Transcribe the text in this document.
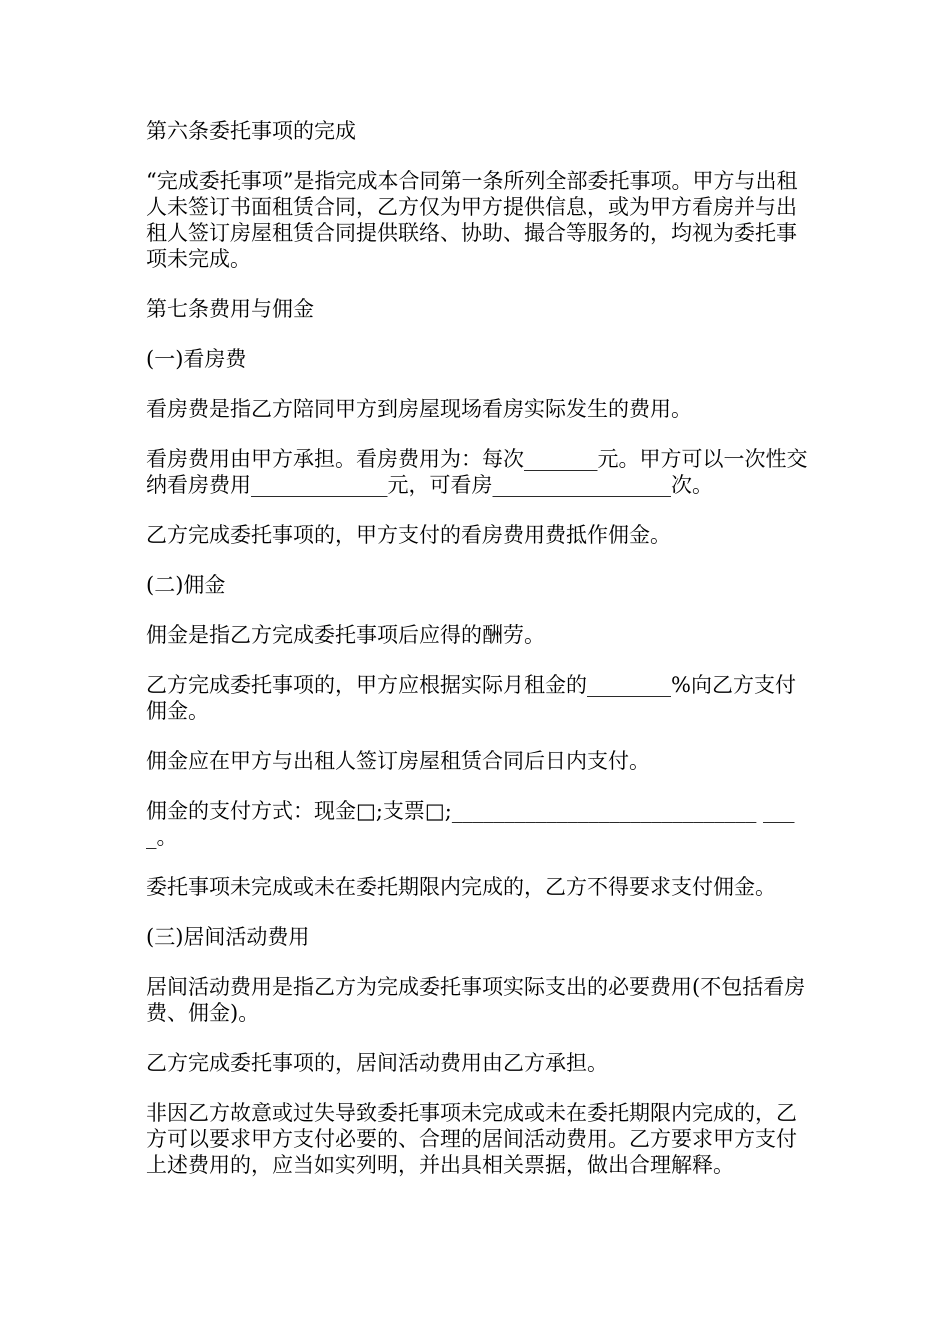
第六条委托事项的完成

“完成委托事项”是指完成本合同第一条所列全部委托事项。甲方与出租人未签订书面租赁合同，乙方仅为甲方提供信息，或为甲方看房并与出租人签订房屋租赁合同提供联络、协助、撮合等服务的，均视为委托事项未完成。

第七条费用与佣金

(一)看房费

看房费是指乙方陪同甲方到房屋现场看房实际发生的费用。

看房费用由甲方承担。看房费用为：每次_______元。甲方可以一次性交纳看房费用_____________元，可看房_________________次。

乙方完成委托事项的，甲方支付的看房费用费抵作佣金。

(二)佣金

佣金是指乙方完成委托事项后应得的酬劳。

乙方完成委托事项的，甲方应根据实际月租金的________%向乙方支付佣金。

佣金应在甲方与出租人签订房屋租赁合同后日内支付。

佣金的支付方式：现金□;支票□;_____________________________ ____。

委托事项未完成或未在委托期限内完成的，乙方不得要求支付佣金。

(三)居间活动费用

居间活动费用是指乙方为完成委托事项实际支出的必要费用(不包括看房费、佣金)。

乙方完成委托事项的，居间活动费用由乙方承担。

非因乙方故意或过失导致委托事项未完成或未在委托期限内完成的，乙方可以要求甲方支付必要的、合理的居间活动费用。乙方要求甲方支付上述费用的，应当如实列明，并出具相关票据，做出合理解释。
